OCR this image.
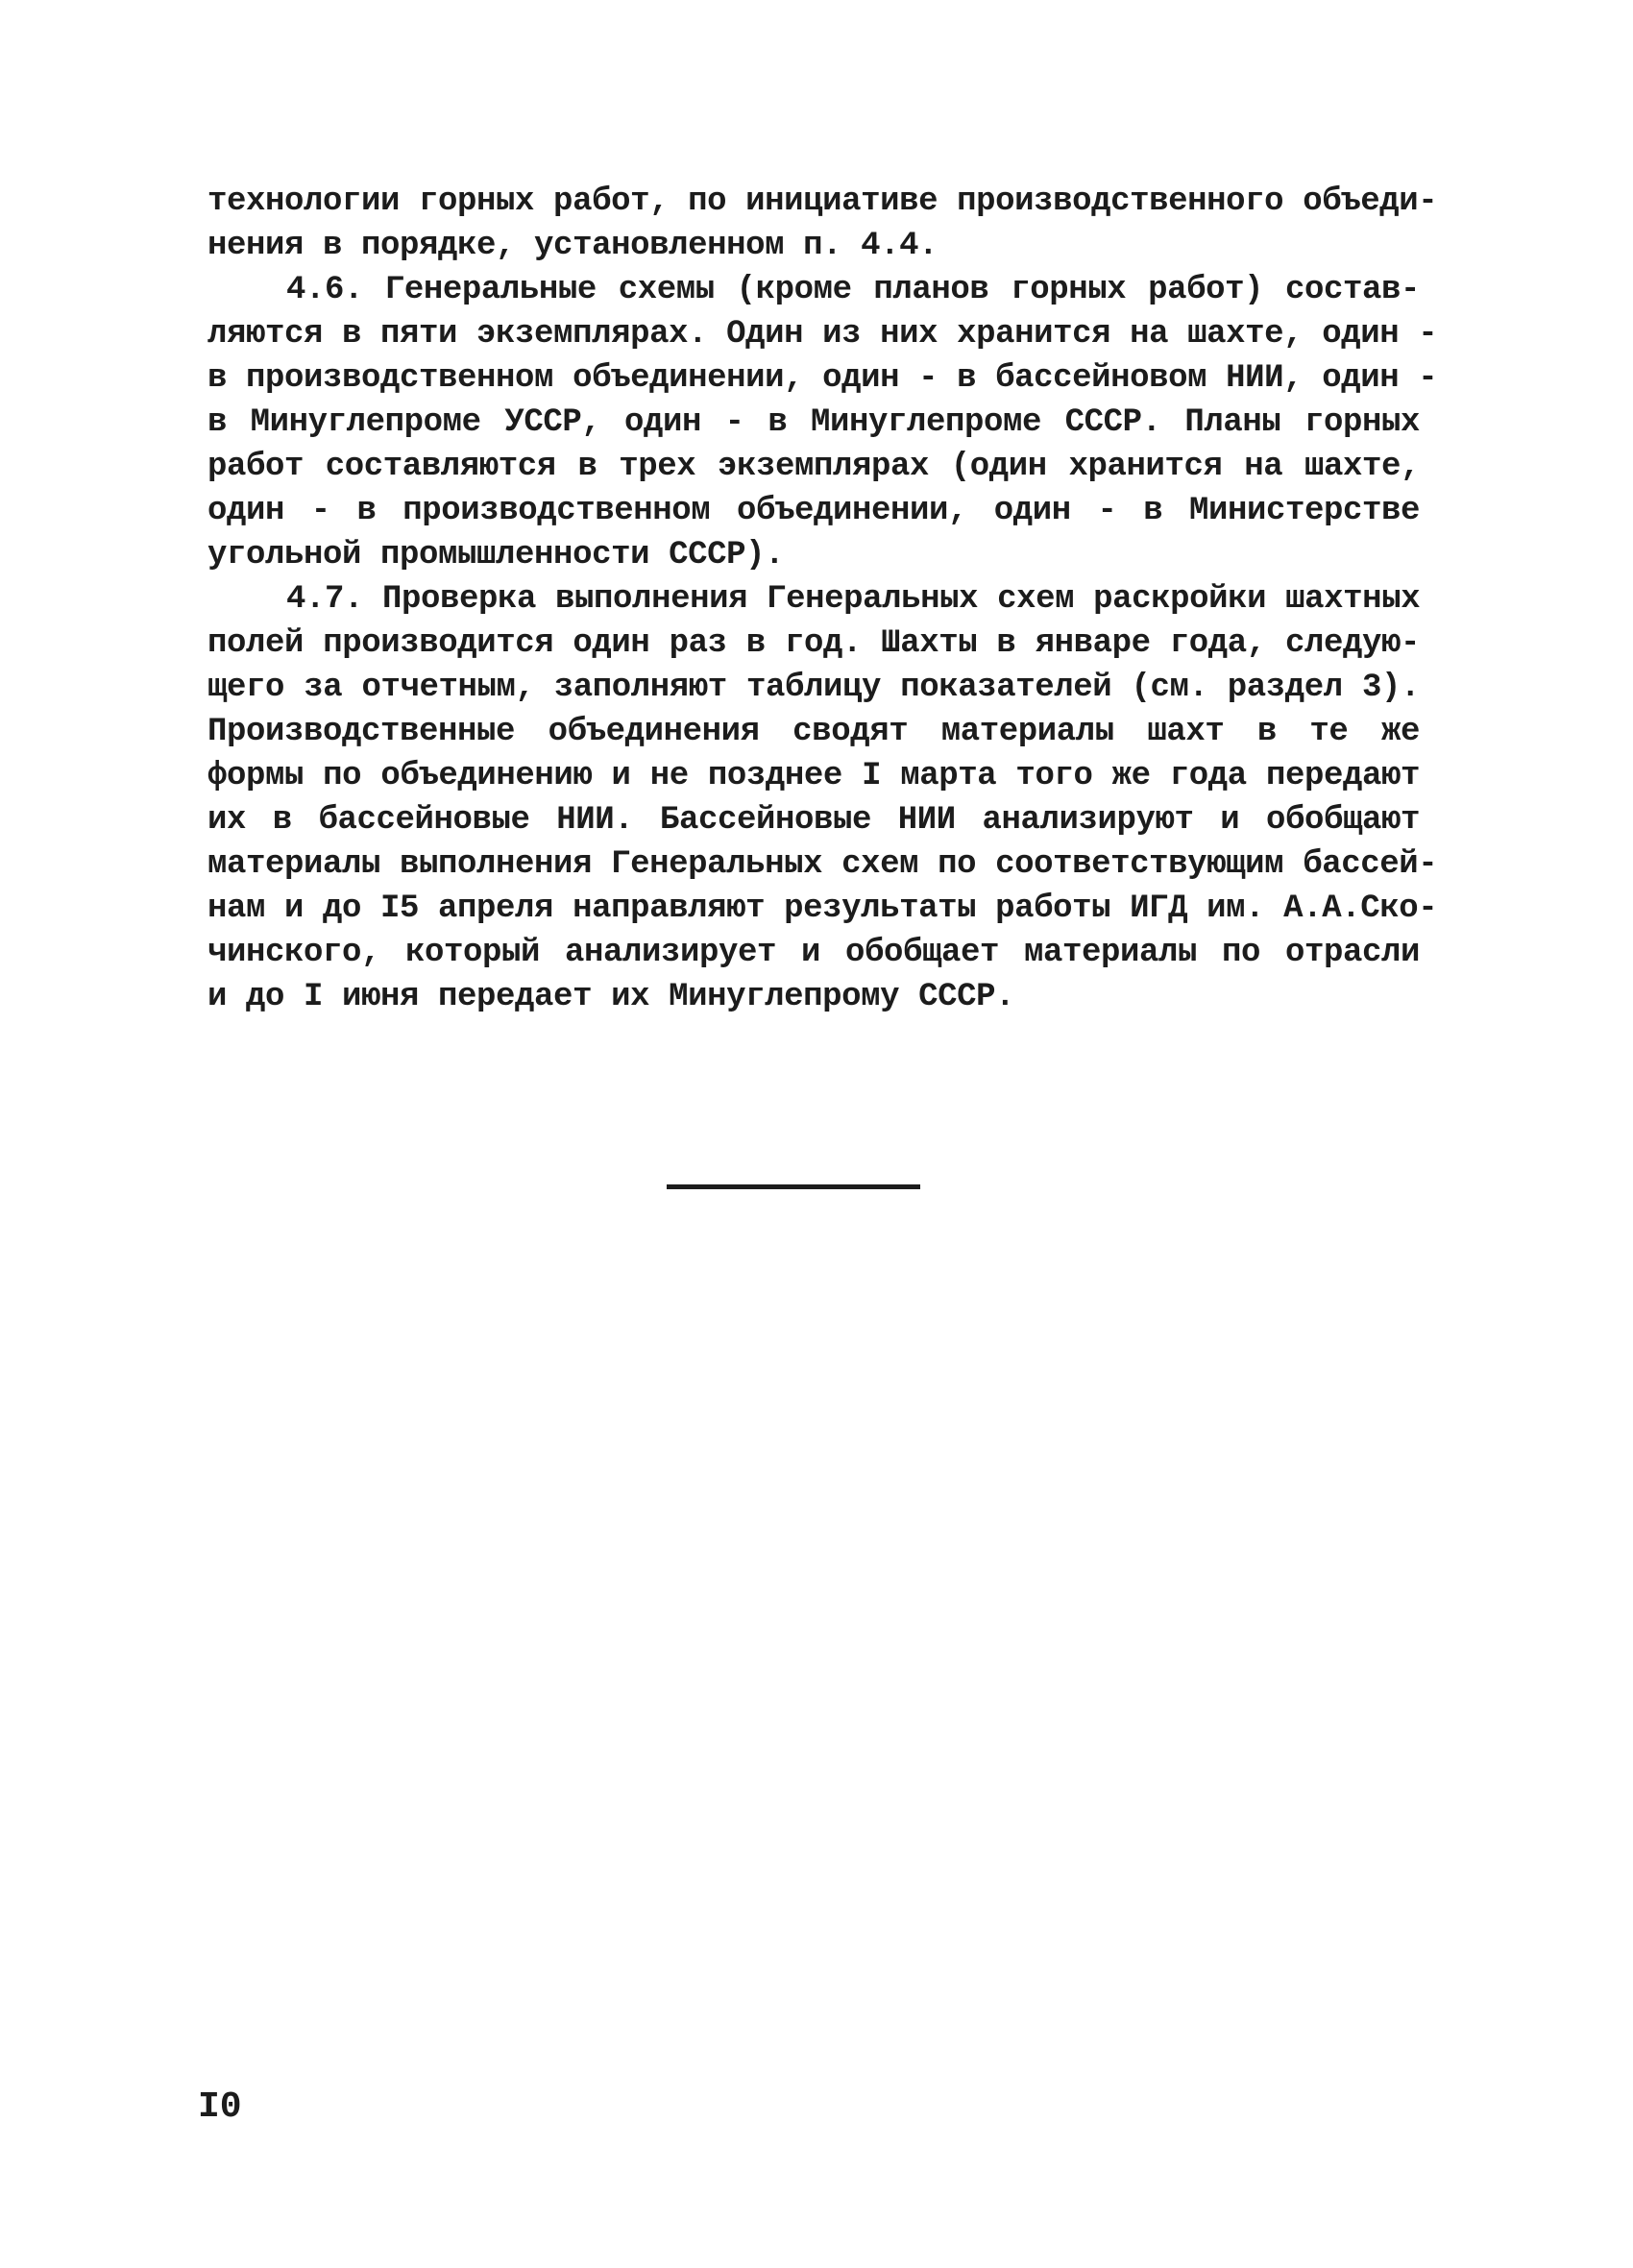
технологии горных работ, по инициативе производственного объеди-
нения в порядке, установленном п. 4.4.
4.6. Генеральные схемы (кроме планов горных работ) состав-
ляются в пяти экземплярах. Один из них хранится на шахте, один -
в производственном объединении, один - в бассейновом НИИ, один -
в Минуглепроме УССР, один - в Минуглепроме СССР. Планы горных
работ составляются в трех экземплярах (один хранится на шахте,
один - в производственном объединении, один - в Министерстве
угольной промышленности СССР).
4.7. Проверка выполнения Генеральных схем раскройки шахтных
полей производится один раз в год. Шахты в январе года, следую-
щего за отчетным, заполняют таблицу показателей (см. раздел 3).
Производственные объединения сводят материалы шахт в те же
формы по объединению и не позднее I марта того же года передают
их в бассейновые НИИ. Бассейновые НИИ анализируют и обобщают
материалы выполнения Генеральных схем по соответствующим бассей-
нам и до I5 апреля направляют результаты работы ИГД им. А.А.Ско-
чинского, который анализирует и обобщает материалы по отрасли
и до I июня передает их Минуглепрому СССР.
I0
